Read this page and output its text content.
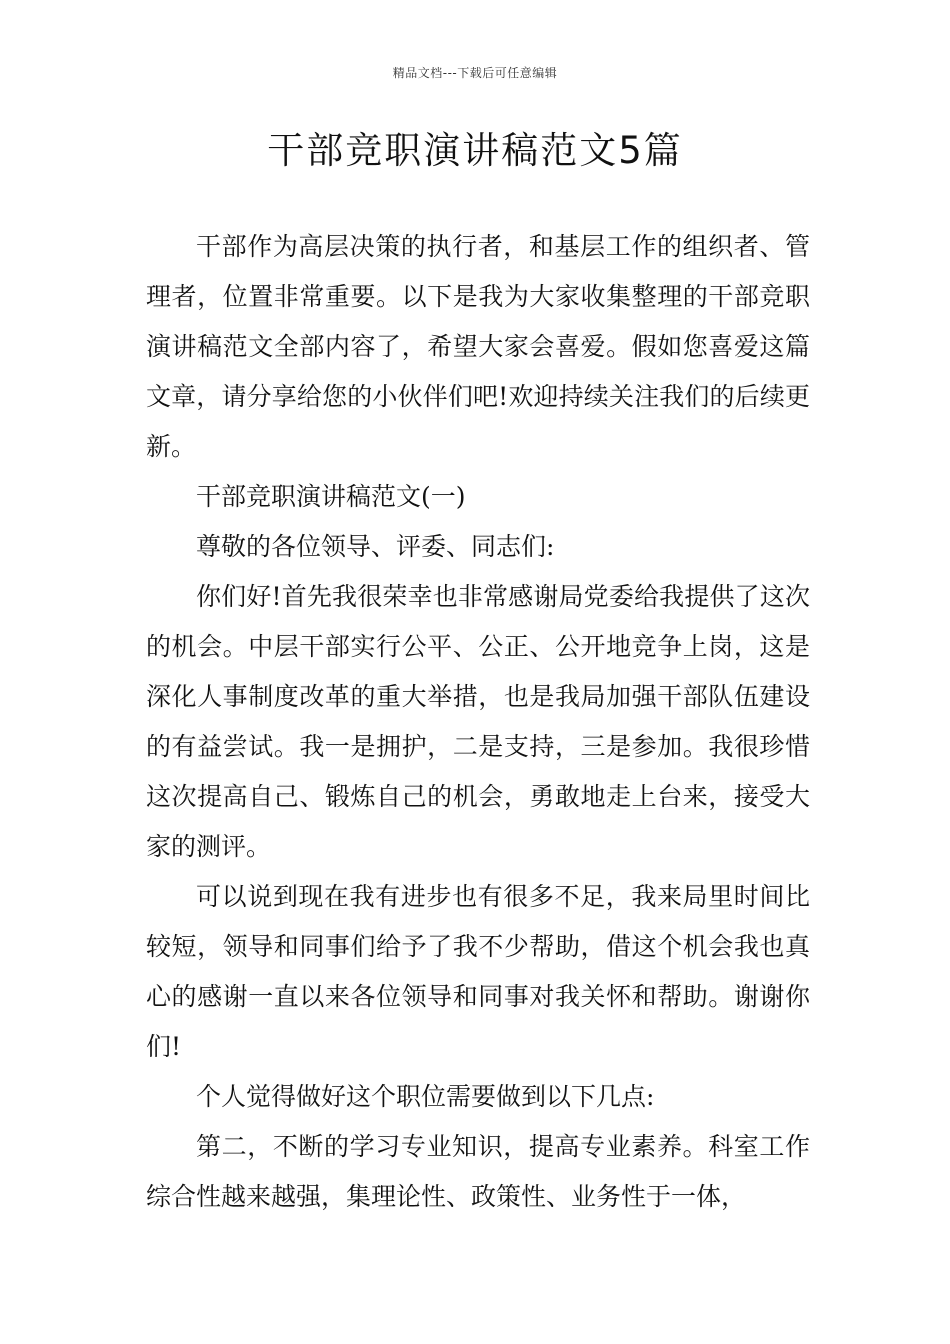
精品文档---下载后可任意编辑
干部竞职演讲稿范文5篇

干部作为高层决策的执行者，和基层工作的组织者、管理者，位置非常重要。以下是我为大家收集整理的干部竞职演讲稿范文全部内容了，希望大家会喜爱。假如您喜爱这篇文章，请分享给您的小伙伴们吧!欢迎持续关注我们的后续更新。

干部竞职演讲稿范文(一)

尊敬的各位领导、评委、同志们:

你们好!首先我很荣幸也非常感谢局党委给我提供了这次的机会。中层干部实行公平、公正、公开地竞争上岗，这是深化人事制度改革的重大举措，也是我局加强干部队伍建设的有益尝试。我一是拥护，二是支持，三是参加。我很珍惜这次提高自己、锻炼自己的机会，勇敢地走上台来，接受大家的测评。

可以说到现在我有进步也有很多不足，我来局里时间比较短，领导和同事们给予了我不少帮助，借这个机会我也真心的感谢一直以来各位领导和同事对我关怀和帮助。谢谢你们!

个人觉得做好这个职位需要做到以下几点:

第二，不断的学习专业知识，提高专业素养。科室工作综合性越来越强，集理论性、政策性、业务性于一体，
